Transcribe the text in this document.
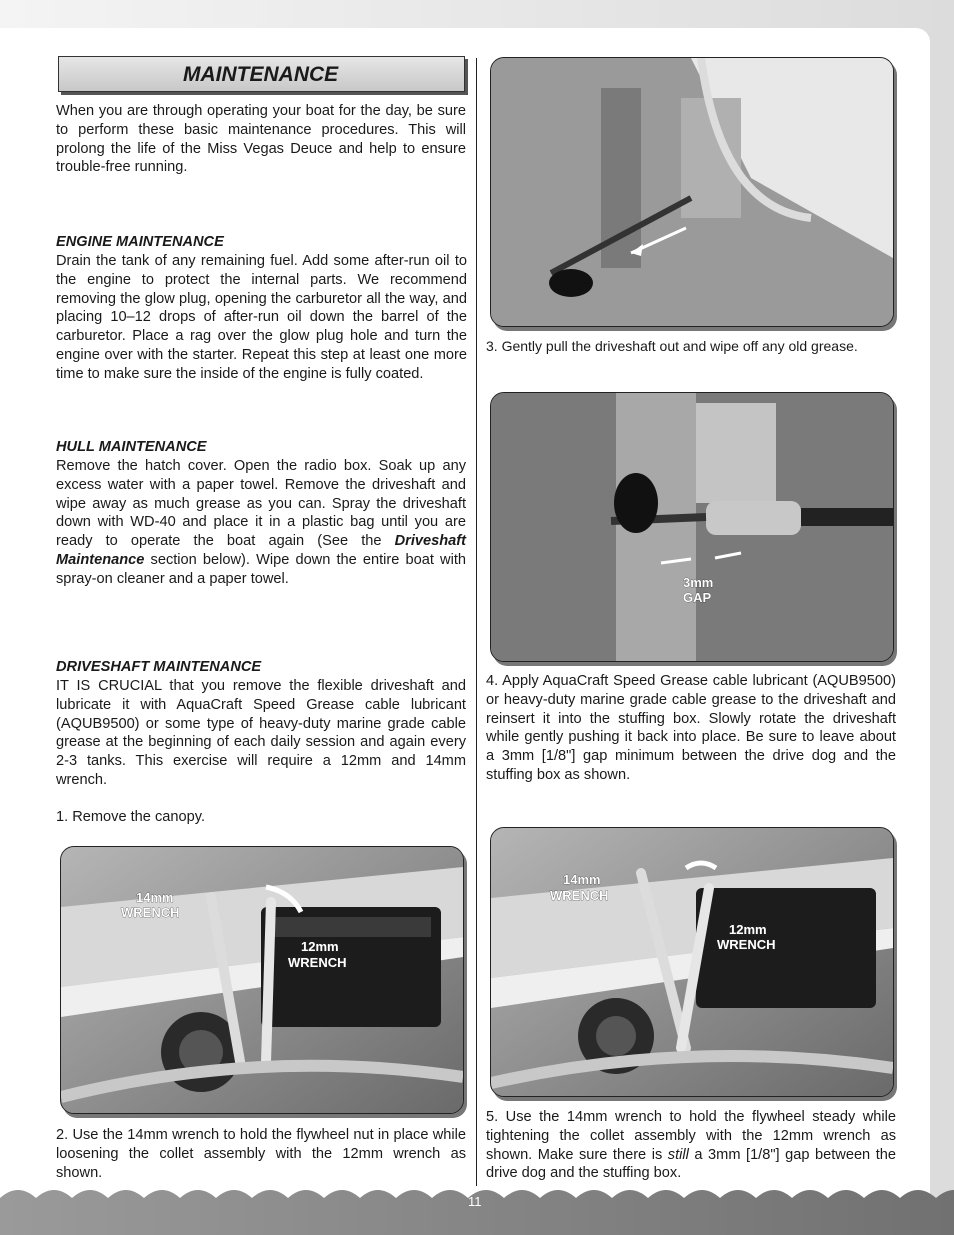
MAINTENANCE
When you are through operating your boat for the day, be sure to perform these basic maintenance procedures. This will prolong the life of the Miss Vegas Deuce and help to ensure trouble-free running.
ENGINE MAINTENANCE
Drain the tank of any remaining fuel. Add some after-run oil to the engine to protect the internal parts. We recommend removing the glow plug, opening the carburetor all the way, and placing 10–12 drops of after-run oil down the barrel of the carburetor. Place a rag over the glow plug hole and turn the engine over with the starter. Repeat this step at least one more time to make sure the inside of the engine is fully coated.
HULL MAINTENANCE
Remove the hatch cover. Open the radio box. Soak up any excess water with a paper towel. Remove the driveshaft and wipe away as much grease as you can. Spray the driveshaft down with WD-40 and place it in a plastic bag until you are ready to operate the boat again (See the Driveshaft Maintenance section below). Wipe down the entire boat with spray-on cleaner and a paper towel.
DRIVESHAFT MAINTENANCE
IT IS CRUCIAL that you remove the flexible driveshaft and lubricate it with AquaCraft Speed Grease cable lubricant (AQUB9500) or some type of heavy-duty marine grade cable grease at the beginning of each daily session and again every 2-3 tanks. This exercise will require a 12mm and 14mm wrench.
1. Remove the canopy.
14mm
WRENCH
12mm
WRENCH
2. Use the 14mm wrench to hold the flywheel nut in place while loosening the collet assembly with the 12mm wrench as shown.
3. Gently pull the driveshaft out and wipe off any old grease.
3mm
GAP
4. Apply AquaCraft Speed Grease cable lubricant (AQUB9500) or heavy-duty marine grade cable grease to the driveshaft and reinsert it into the stuffing box. Slowly rotate the driveshaft while gently pushing it back into place. Be sure to leave about a 3mm [1/8"] gap minimum between the drive dog and the stuffing box as shown.
14mm
WRENCH
12mm
WRENCH
5. Use the 14mm wrench to hold the flywheel steady while tightening the collet assembly with the 12mm wrench as shown. Make sure there is still a 3mm [1/8"] gap between the drive dog and the stuffing box.
11
